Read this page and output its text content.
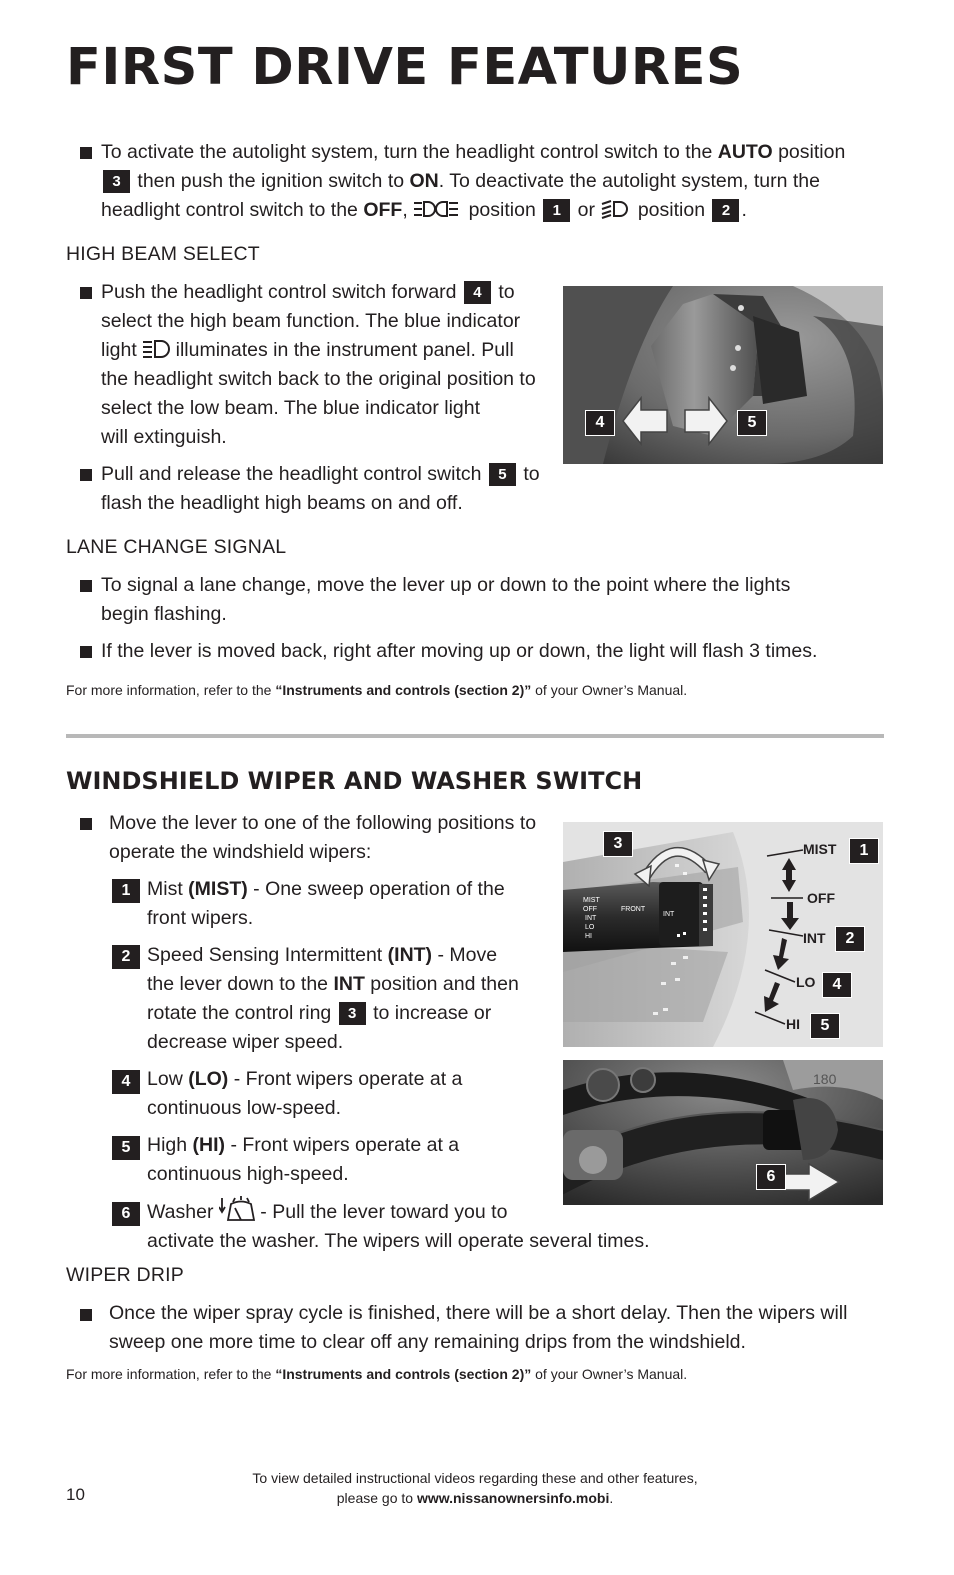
FIRST DRIVE FEATURES
To activate the autolight system, turn the headlight control switch to the AUTO position
3 then push the ignition switch to ON. To deactivate the autolight system, turn the
headlight control switch to the OFF,	position 1 or  position 2 .
HIGH BEAM SELECT
Push the headlight control switch forward 4 to
select the high beam function. The blue indicator
light  illuminates in the instrument panel. Pull
the headlight switch back to the original position to
select the low beam. The blue indicator light
will extinguish.
Pull and release the headlight control switch 5 to
flash the headlight high beams on and off.
4	5
LANE CHANGE SIGNAL
To signal a lane change, move the lever up or down to the point where the lights
begin flashing.
If the lever is moved back, right after moving up or down, the light will flash 3 times.
For more information, refer to the “Instruments and controls (section 2)” of your Owner’s Manual.
WINDSHIELD WIPER AND WASHER SWITCH
Move the lever to one of the following positions to
operate the windshield wipers:
1 Mist (MIST) - One sweep operation of the
front wipers.
2 Speed Sensing Intermittent (INT) - Move
the lever down to the INT position and then
rotate the control ring 3 to increase or
decrease wiper speed.
4 Low (LO) - Front wipers operate at a
continuous low-speed.
5 High (HI) - Front wipers operate at a
continuous high-speed.
6 Washer  - Pull the lever toward you to
activate the washer. The wipers will operate several times.
MIST
OFF
INT
LO
HI
FRONT
INT
MIST
OFF
INT
LO
HI
3	1
2
4
5
180
6
WIPER DRIP
Once the wiper spray cycle is finished, there will be a short delay. Then the wipers will
sweep one more time to clear off any remaining drips from the windshield.
For more information, refer to the “Instruments and controls (section 2)” of your Owner’s Manual.
10
To view detailed instructional videos regarding these and other features,
please go to www.nissanownersinfo.mobi.
